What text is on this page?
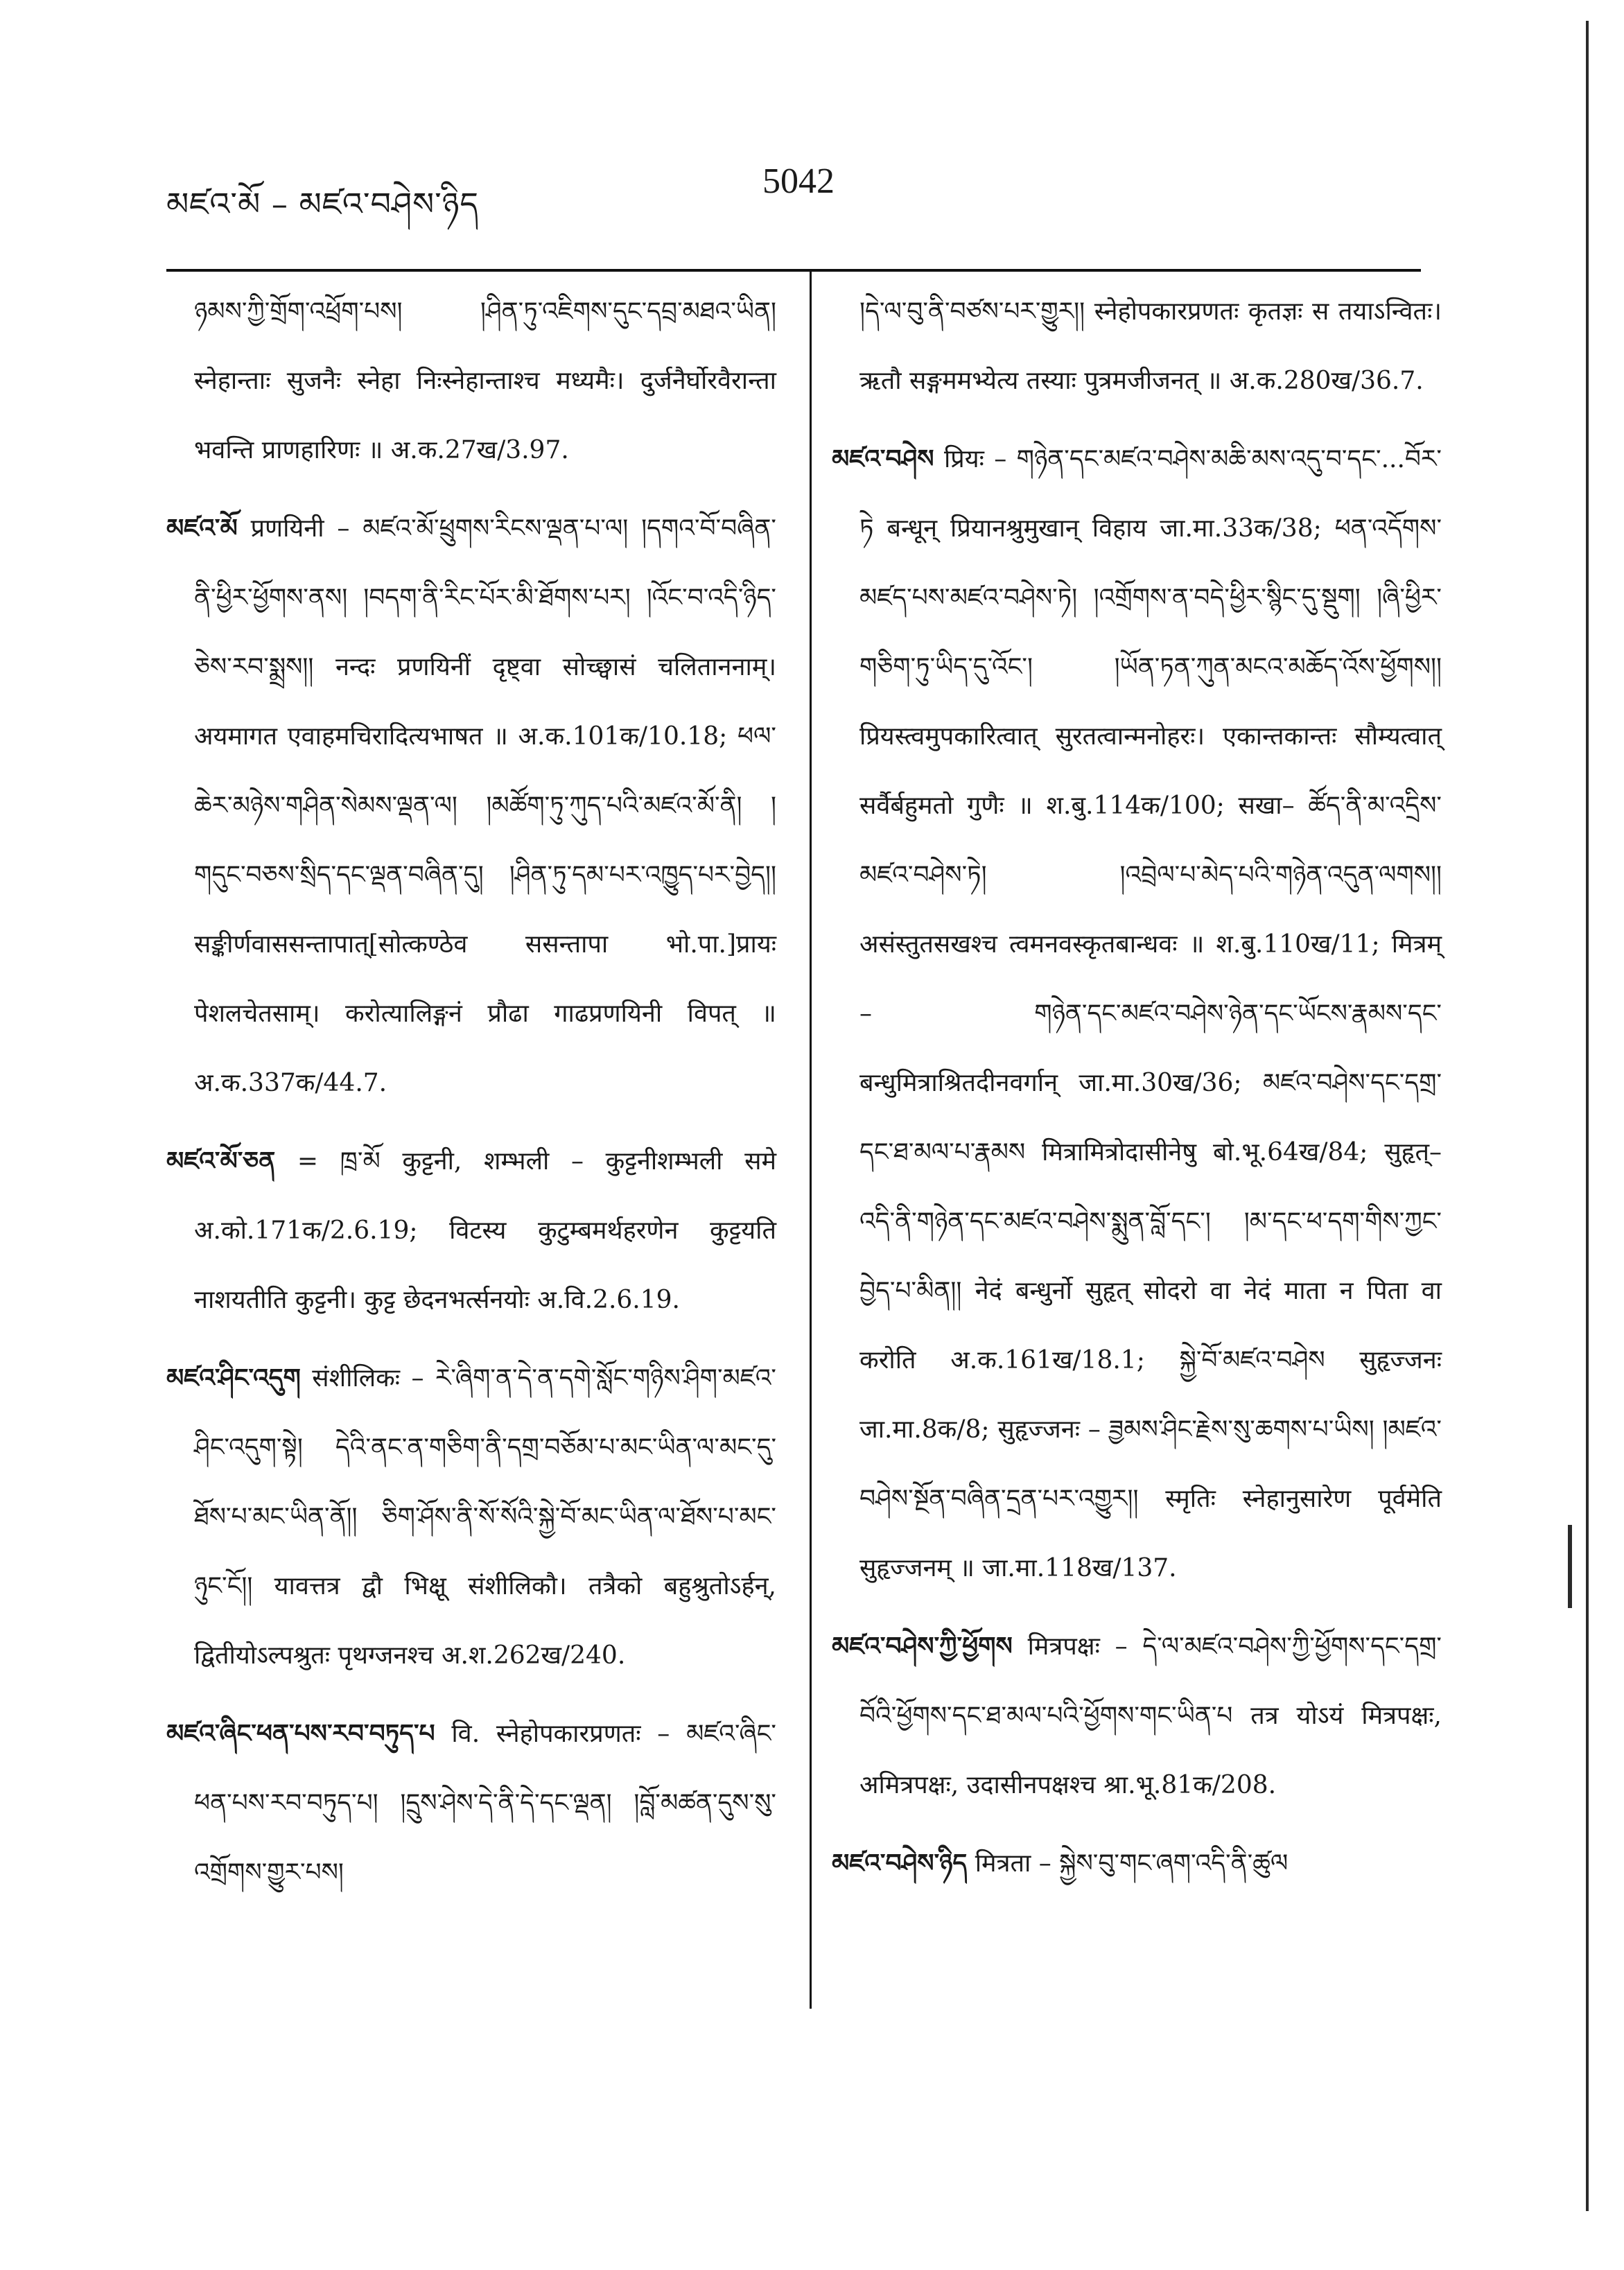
མཛའ་མོ – མཛའ་བཤེས་ཉིད
5042

ཉམས་ཀྱི་གྲོག་འཕྲོག་པས། །ཤིན་ཏུ་འཇིགས་དུང་དབྲ་མཐའ་ཡིན། स्नेहान्ताः सुजनैः स्नेहा निःस्नेहान्ताश्च मध्यमैः। दुर्जनैर्घोरवैरान्ता भवन्ति प्राणहारिणः ॥ अ.क.27ख/3.97.

མཛའ་མོ प्रणयिनी – མཛའ་མོ་ཕྲུགས་རིངས་ལྡན་པ་ལ། །དགའ་བོ་བཞིན་ནི་ཕྱིར་ཕྱོགས་ནས། །བདག་ནི་རིང་པོར་མི་ཐོགས་པར། །འོང་བ་འདི་ཉིད་ཅེས་རབ་སྨྲས།། नन्दः प्रणयिनीं दृष्ट्वा सोच्छ्वासं चलिताननाम्। अयमागत एवाहमचिरादित्यभाषत ॥ अ.क.101क/10.18; ཕལ་ཆེར་མཉེས་གཤིན་སེམས་ལྡན་ལ། །མཚོག་ཏུ་ཀུད་པའི་མཛའ་མོ་ནི། །གདུང་བཅས་སྲིད་དང་ལྡན་བཞིན་དུ། །ཤིན་ཏུ་དམ་པར་འཁྱུད་པར་བྱེད།། सङ्कीर्णवाससन्तापात्[सोत्कण्ठेव ससन्तापा भो.पा.]प्रायः पेशलचेतसाम्। करोत्यालिङ्गनं प्रौढा गाढप्रणयिनी विपत् ॥ अ.क.337क/44.7.

མཛའ་མོ་ཅན = ཁྲ་མོ कुट्टनी, शम्भली – कुट्टनीशम्भली समे अ.को.171क/2.6.19; विटस्य कुटुम्बमर्थहरणेन कुट्टयति नाशयतीति कुट्टनी। कुट्ट छेदनभर्त्सनयोः अ.वि.2.6.19.

མཛའ་ཤིང་འདུག संशीलिकः – རེ་ཞིག་ན་དེ་ན་དགེ་སློང་གཉིས་ཤིག་མཛའ་ཤིང་འདུག་སྟེ། དེའི་ནང་ན་གཅིག་ནི་དགྲ་བཅོམ་པ་མང་ཡིན་ལ་མང་དུ་ཐོས་པ་མང་ཡིན་ནོ།། ཅིག་ཤོས་ནི་སོ་སོའི་སྐྱེ་བོ་མང་ཡིན་ལ་ཐོས་པ་མང་ཉུང་ངོ།། यावत्तत्र द्वौ भिक्षू संशीलिकौ। तत्रैको बहुश्रुतोऽर्हन्, द्वितीयोऽल्पश्रुतः पृथग्जनश्च अ.श.262ख/240.

མཛའ་ཞིང་ཕན་པས་རབ་བཏུད་པ वि. स्नेहोपकारप्रणतः – མཛའ་ཞིང་ཕན་པས་རབ་བཏུད་པ། །དྲུས་ཤེས་དེ་ནི་དེ་དང་ལྡན། །བློ་མཚན་དུས་སུ་འགྲོགས་གྱུར་པས།

།དེ་ལ་བུ་ནི་བཙས་པར་གྱུར།། स्नेहोपकारप्रणतः कृतज्ञः स तयाऽन्वितः। ऋतौ सङ्गममभ्येत्य तस्याः पुत्रमजीजनत् ॥ अ.क.280ख/36.7.

མཛའ་བཤེས प्रियः – གཉེན་དང་མཛའ་བཤེས་མཆི་མས་འདུ་བ་དང་...བོར་ཏེ बन्धून् प्रियानश्रुमुखान् विहाय जा.मा.33क/38; ཕན་འདོགས་མཛད་པས་མཛའ་བཤེས་ཏེ། །འགྲོགས་ན་བདེ་ཕྱིར་སྙིང་དུ་སྡུག། །ཞི་ཕྱིར་གཅིག་ཏུ་ཡིད་དུ་འོང་། །ཡོན་ཏན་ཀུན་མངའ་མཆོད་འོས་ཕྱོགས།། प्रियस्त्वमुपकारित्वात् सुरतत्वान्मनोहरः। एकान्तकान्तः सौम्यत्वात् सर्वैर्बहुमतो गुणैः ॥ श.बु.114क/100; सखा– ཚོད་ནི་མ་འདྲིས་མཛའ་བཤེས་ཏེ། །འབྲེལ་པ་མེད་པའི་གཉེན་འདུན་ལགས།། असंस्तुतसखश्च त्वमनवस्कृतबान्धवः ॥ श.बु.110ख/11; मित्रम् – གཉེན་དང་མཛའ་བཤེས་ཉེན་དང་ཡོངས་རྣམས་དང་ बन्धुमित्राश्रितदीनवर्गान् जा.मा.30ख/36; མཛའ་བཤེས་དང་དགྲ་དང་ཐ་མལ་པ་རྣམས मित्रामित्रोदासीनेषु बो.भू.64ख/84; सुहृत्– འདི་ནི་གཉེན་དང་མཛའ་བཤེས་སྨུན་བློ་དང་། །མ་དང་ཕ་དག་གིས་ཀྱང་བྱེད་པ་མིན།། नेदं बन्धुर्नो सुहृत् सोदरो वा नेदं माता न पिता वा करोति अ.क.161ख/18.1; སྐྱེ་བོ་མཛའ་བཤེས सुहृज्जनः जा.मा.8क/8; सुहृज्जनः – ཟྱམས་ཤིང་རྗེས་སུ་ཆགས་པ་ཡིས། །མཛའ་བཤེས་སྔོན་བཞིན་དྲན་པར་འགྱུར།། स्मृतिः स्नेहानुसारेण पूर्वमेति सुहृज्जनम् ॥ जा.मा.118ख/137.

མཛའ་བཤེས་ཀྱི་ཕྱོགས मित्रपक्षः – དེ་ལ་མཛའ་བཤེས་ཀྱི་ཕྱོགས་དང་དགྲ་བོའི་ཕྱོགས་དང་ཐ་མལ་པའི་ཕྱོགས་གང་ཡིན་པ तत्र योऽयं मित्रपक्षः, अमित्रपक्षः, उदासीनपक्षश्च श्रा.भू.81क/208.

མཛའ་བཤེས་ཉིད मित्रता – སྐྱེས་བུ་གང་ཞག་འདི་ནི་ཚུལ
